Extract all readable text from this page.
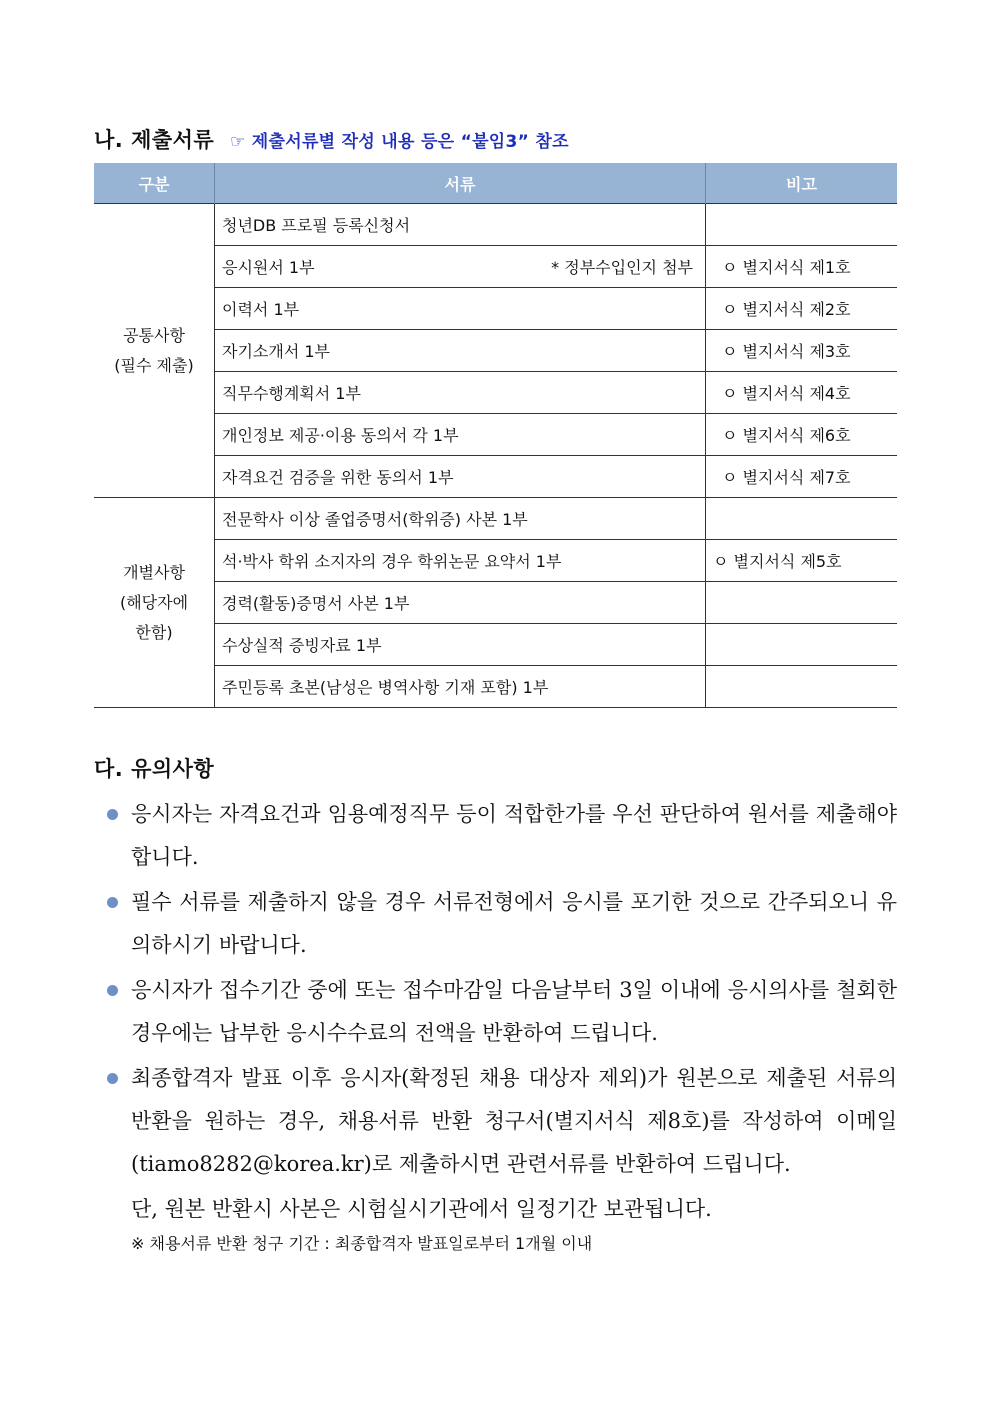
나. 제출서류 ☞ 제출서류별 작성 내용 등은 “붙임3” 참조
구분	서류	비고

공통사항
(필수 제출)	청년DB 프로필 등록신청서	
	응시원서 1부 * 정부수입인지 첨부	ㅇ 별지서식 제1호
	이력서 1부	ㅇ 별지서식 제2호
	자기소개서 1부	ㅇ 별지서식 제3호
	직무수행계획서 1부	ㅇ 별지서식 제4호
	개인정보 제공·이용 동의서 각 1부	ㅇ 별지서식 제6호
	자격요건 검증을 위한 동의서 1부	ㅇ 별지서식 제7호

개별사항
(해당자에
한함)	전문학사 이상 졸업증명서(학위증) 사본 1부	
	석·박사 학위 소지자의 경우 학위논문 요약서 1부	ㅇ 별지서식 제5호
	경력(활동)증명서 사본 1부	
	수상실적 증빙자료 1부	
	주민등록 초본(남성은 병역사항 기재 포함) 1부	
다. 유의사항
응시자는 자격요건과 임용예정직무 등이 적합한가를 우선 판단하여 원서를 제출해야 합니다.
필수 서류를 제출하지 않을 경우 서류전형에서 응시를 포기한 것으로 간주되오니 유의하시기 바랍니다.
응시자가 접수기간 중에 또는 접수마감일 다음날부터 3일 이내에 응시의사를 철회한 경우에는 납부한 응시수수료의 전액을 반환하여 드립니다.
최종합격자 발표 이후 응시자(확정된 채용 대상자 제외)가 원본으로 제출된 서류의 반환을 원하는 경우, 채용서류 반환 청구서(별지서식 제8호)를 작성하여 이메일(tiamo8282@korea.kr)로 제출하시면 관련서류를 반환하여 드립니다.
단, 원본 반환시 사본은 시험실시기관에서 일정기간 보관됩니다.
※ 채용서류 반환 청구 기간 : 최종합격자 발표일로부터 1개월 이내
